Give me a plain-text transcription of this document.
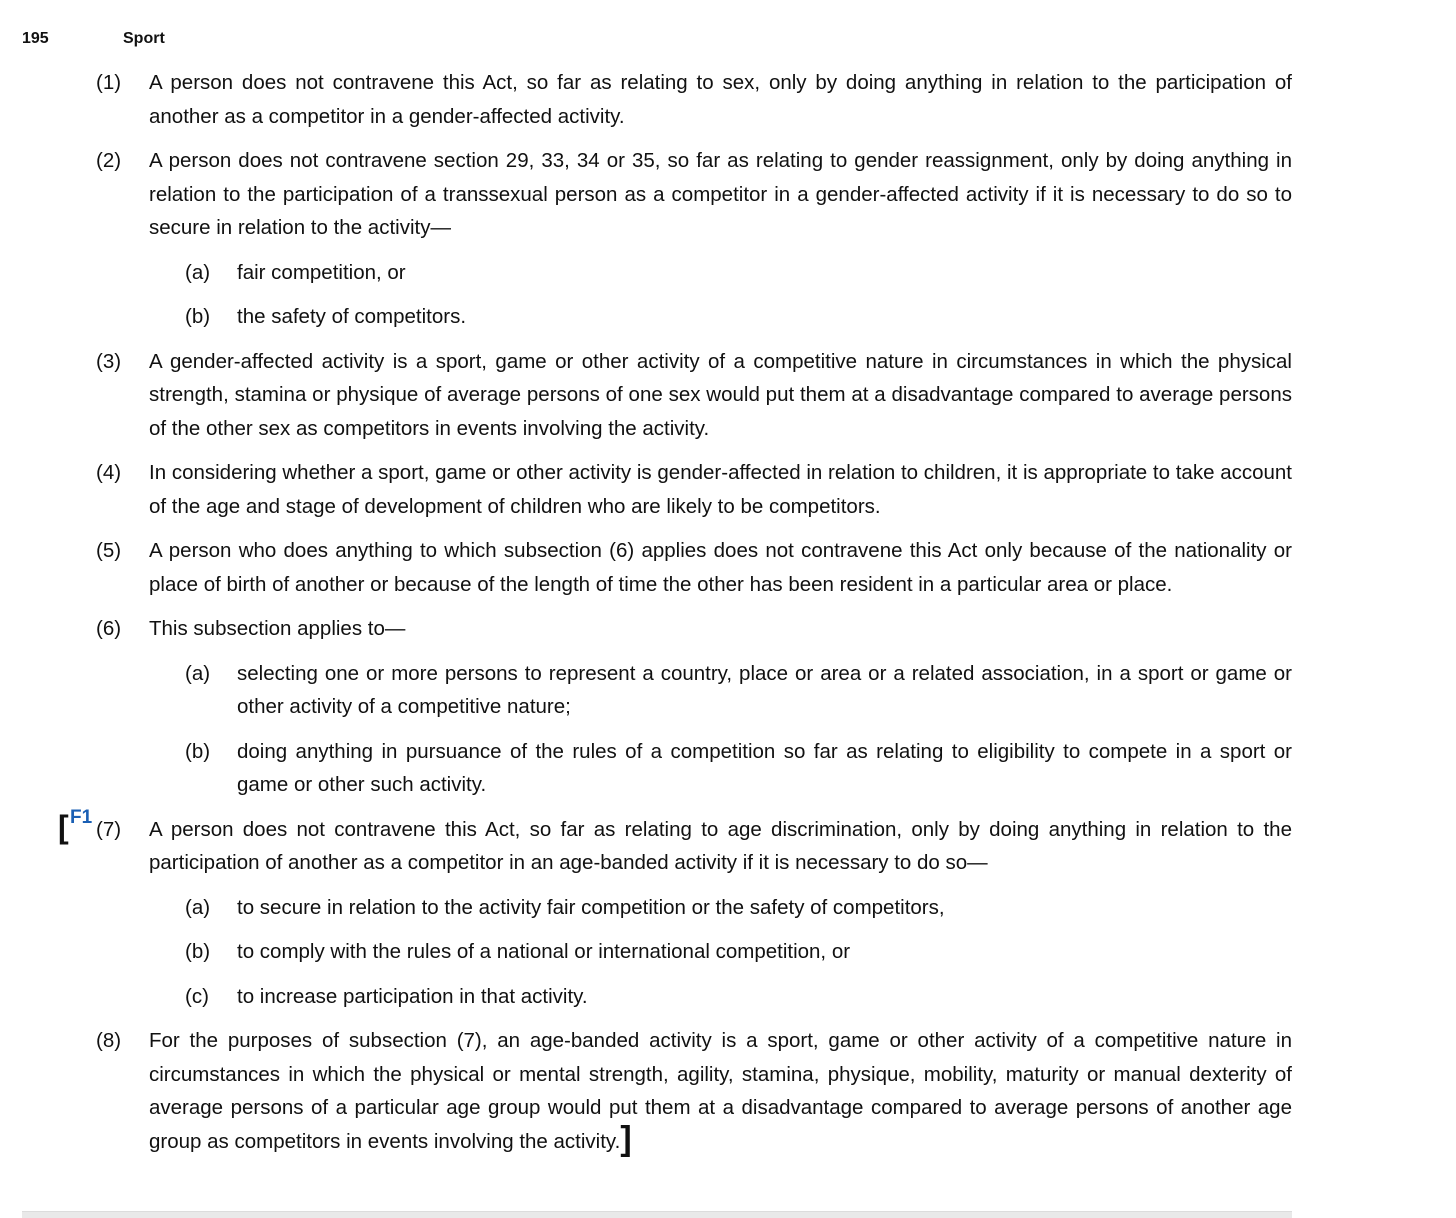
195	Sport
(1) A person does not contravene this Act, so far as relating to sex, only by doing anything in relation to the participation of another as a competitor in a gender-affected activity.
(2) A person does not contravene section 29, 33, 34 or 35, so far as relating to gender reassignment, only by doing anything in relation to the participation of a transsexual person as a competitor in a gender-affected activity if it is necessary to do so to secure in relation to the activity—
(a) fair competition, or
(b) the safety of competitors.
(3) A gender-affected activity is a sport, game or other activity of a competitive nature in circumstances in which the physical strength, stamina or physique of average persons of one sex would put them at a disadvantage compared to average persons of the other sex as competitors in events involving the activity.
(4) In considering whether a sport, game or other activity is gender-affected in relation to children, it is appropriate to take account of the age and stage of development of children who are likely to be competitors.
(5) A person who does anything to which subsection (6) applies does not contravene this Act only because of the nationality or place of birth of another or because of the length of time the other has been resident in a particular area or place.
(6) This subsection applies to—
(a) selecting one or more persons to represent a country, place or area or a related association, in a sport or game or other activity of a competitive nature;
(b) doing anything in pursuance of the rules of a competition so far as relating to eligibility to compete in a sport or game or other such activity.
[ F1
(7) A person does not contravene this Act, so far as relating to age discrimination, only by doing anything in relation to the participation of another as a competitor in an age-banded activity if it is necessary to do so—
(a) to secure in relation to the activity fair competition or the safety of competitors,
(b) to comply with the rules of a national or international competition, or
(c) to increase participation in that activity.
(8) For the purposes of subsection (7), an age-banded activity is a sport, game or other activity of a competitive nature in circumstances in which the physical or mental strength, agility, stamina, physique, mobility, maturity or manual dexterity of average persons of a particular age group would put them at a disadvantage compared to average persons of another age group as competitors in events involving the activity.]
